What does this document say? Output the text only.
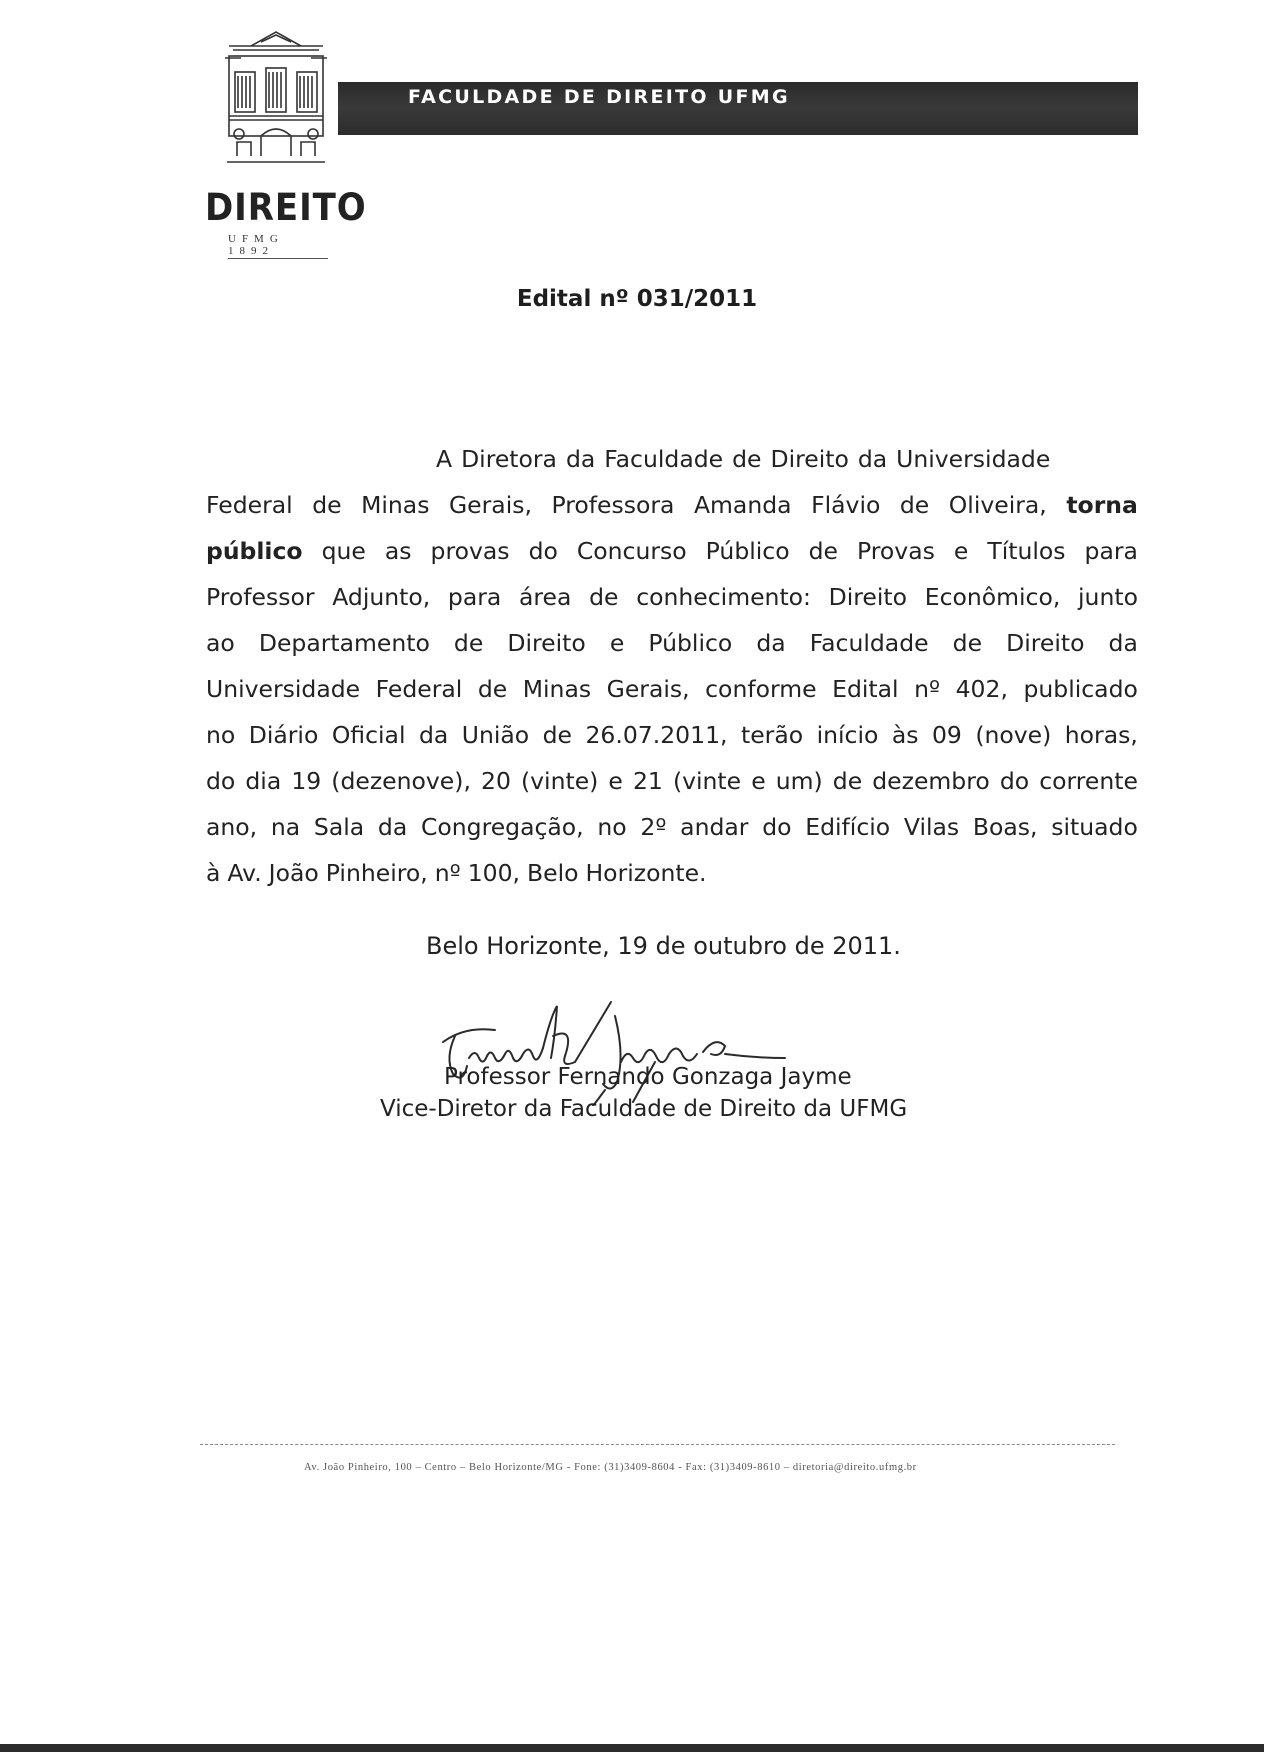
DIREITO
UFMG 1892
FACULDADE DE DIREITO UFMG
Edital nº 031/2011
A Diretora da Faculdade de Direito da Universidade
Federal de Minas Gerais, Professora Amanda Flávio de Oliveira, torna
público que as provas do Concurso Público de Provas e Títulos para
Professor Adjunto, para área de conhecimento: Direito Econômico, junto
ao Departamento de Direito e Público da Faculdade de Direito da
Universidade Federal de Minas Gerais, conforme Edital nº 402, publicado
no Diário Oficial da União de 26.07.2011, terão início às 09 (nove) horas,
do dia 19 (dezenove), 20 (vinte) e 21 (vinte e um) de dezembro do corrente
ano, na Sala da Congregação, no 2º andar do Edifício Vilas Boas, situado
à Av. João Pinheiro, nº 100, Belo Horizonte.
Belo Horizonte, 19 de outubro de 2011.
Professor Fernando Gonzaga Jayme
Vice-Diretor da Faculdade de Direito da UFMG
Av. João Pinheiro, 100 – Centro – Belo Horizonte/MG - Fone: (31)3409-8604 - Fax: (31)3409-8610 – diretoria@direito.ufmg.br
